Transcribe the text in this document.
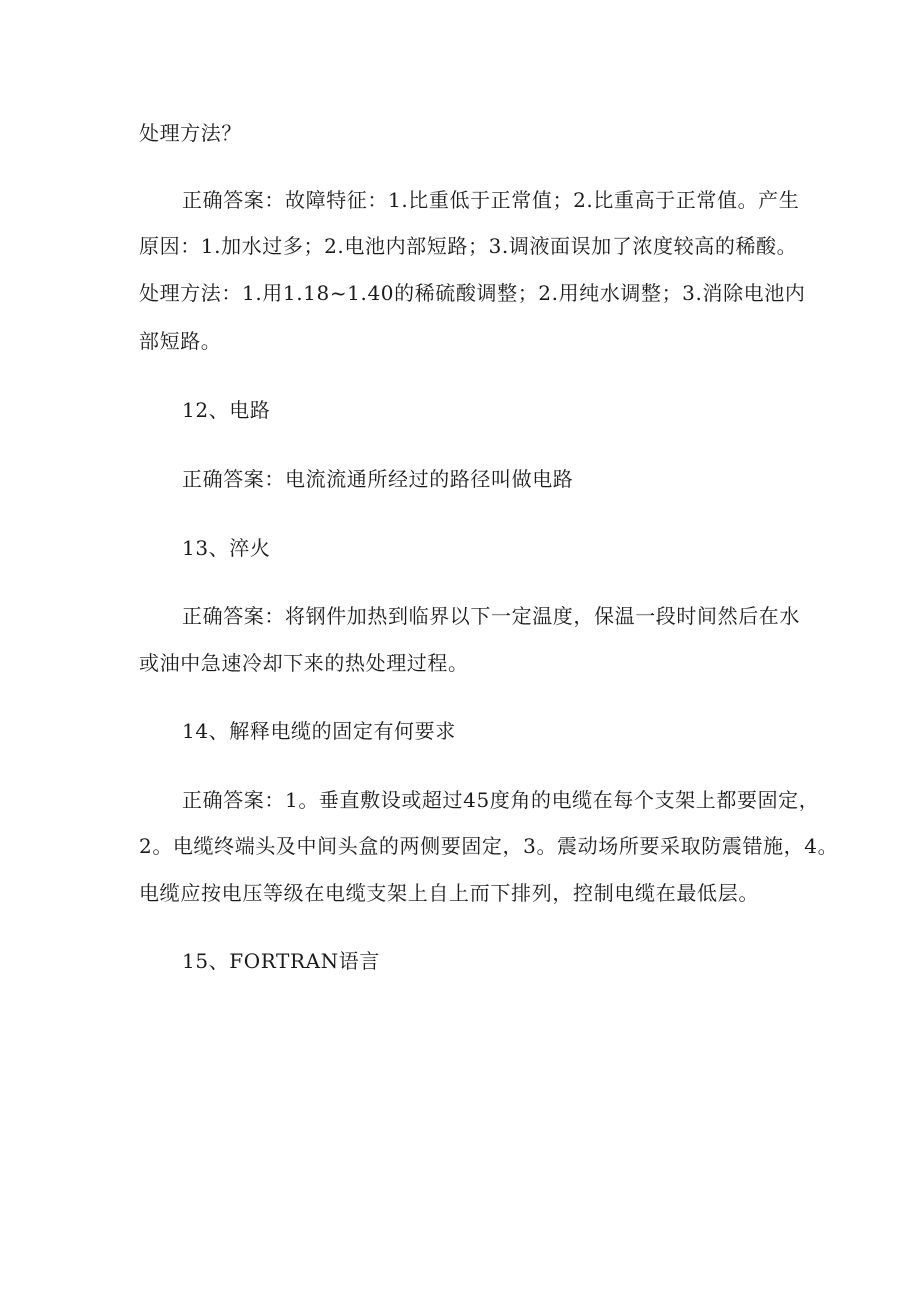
处理方法？
正确答案：故障特征：1.比重低于正常值；2.比重高于正常值。产生
原因：1.加水过多；2.电池内部短路；3.调液面误加了浓度较高的稀酸。
处理方法：1.用1.18~1.40的稀硫酸调整；2.用纯水调整；3.消除电池内
部短路。
12、电路
正确答案：电流流通所经过的路径叫做电路
13、淬火
正确答案：将钢件加热到临界以下一定温度，保温一段时间然后在水
或油中急速冷却下来的热处理过程。
14、解释电缆的固定有何要求
正确答案：1。垂直敷设或超过45度角的电缆在每个支架上都要固定，
2。电缆终端头及中间头盒的两侧要固定，3。震动场所要采取防震错施，4。
电缆应按电压等级在电缆支架上自上而下排列，控制电缆在最低层。
15、FORTRAN语言
